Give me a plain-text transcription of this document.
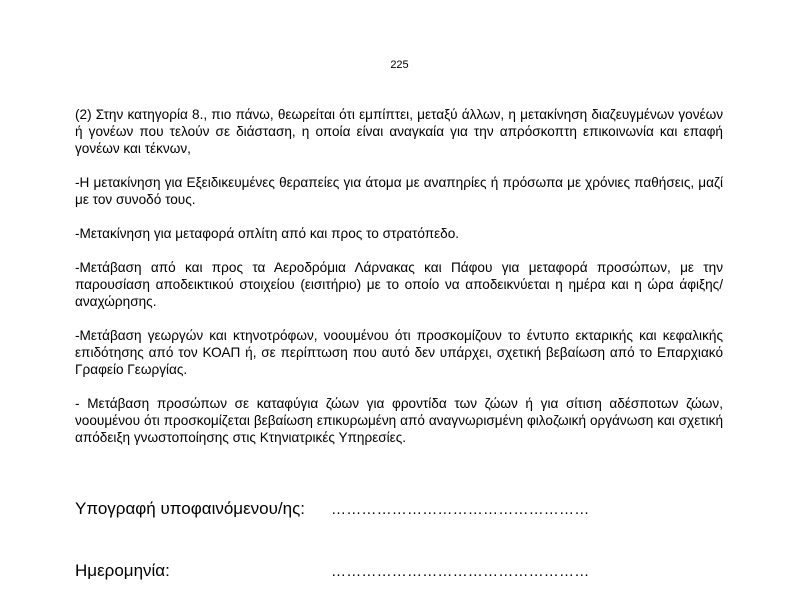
225

(2) Στην κατηγορία 8., πιο πάνω, θεωρείται ότι εμπίπτει, μεταξύ άλλων, η μετακίνηση διαζευγμένων γονέων ή γονέων που τελούν σε διάσταση, η οποία είναι αναγκαία για την απρόσκοπτη επικοινωνία και επαφή γονέων και τέκνων,

-Η μετακίνηση για Εξειδικευμένες θεραπείες για άτομα με αναπηρίες ή πρόσωπα με χρόνιες παθήσεις, μαζί με τον συνοδό τους.

-Μετακίνηση για μεταφορά οπλίτη από και προς το στρατόπεδο.

-Μετάβαση από και προς τα Αεροδρόμια Λάρνακας και Πάφου για μεταφορά προσώπων, με την παρουσίαση αποδεικτικού στοιχείου (εισιτήριο) με το οποίο να αποδεικνύεται η ημέρα και η ώρα άφιξης/αναχώρησης.

-Μετάβαση γεωργών και κτηνοτρόφων, νοουμένου ότι προσκομίζουν το έντυπο εκταρικής και κεφαλικής επιδότησης από τον ΚΟΑΠ ή, σε περίπτωση που αυτό δεν υπάρχει, σχετική βεβαίωση από το Επαρχιακό Γραφείο Γεωργίας.

- Μετάβαση προσώπων σε καταφύγια ζώων για φροντίδα των ζώων ή για σίτιση αδέσποτων ζώων, νοουμένου ότι προσκομίζεται βεβαίωση επικυρωμένη από αναγνωρισμένη φιλοζωική οργάνωση και σχετική απόδειξη γνωστοποίησης στις Κτηνιατρικές Υπηρεσίες.

Υπογραφή υποφαινόμενου/ης: ……………………………………………
Ημερομηνία:	……………………………………………
